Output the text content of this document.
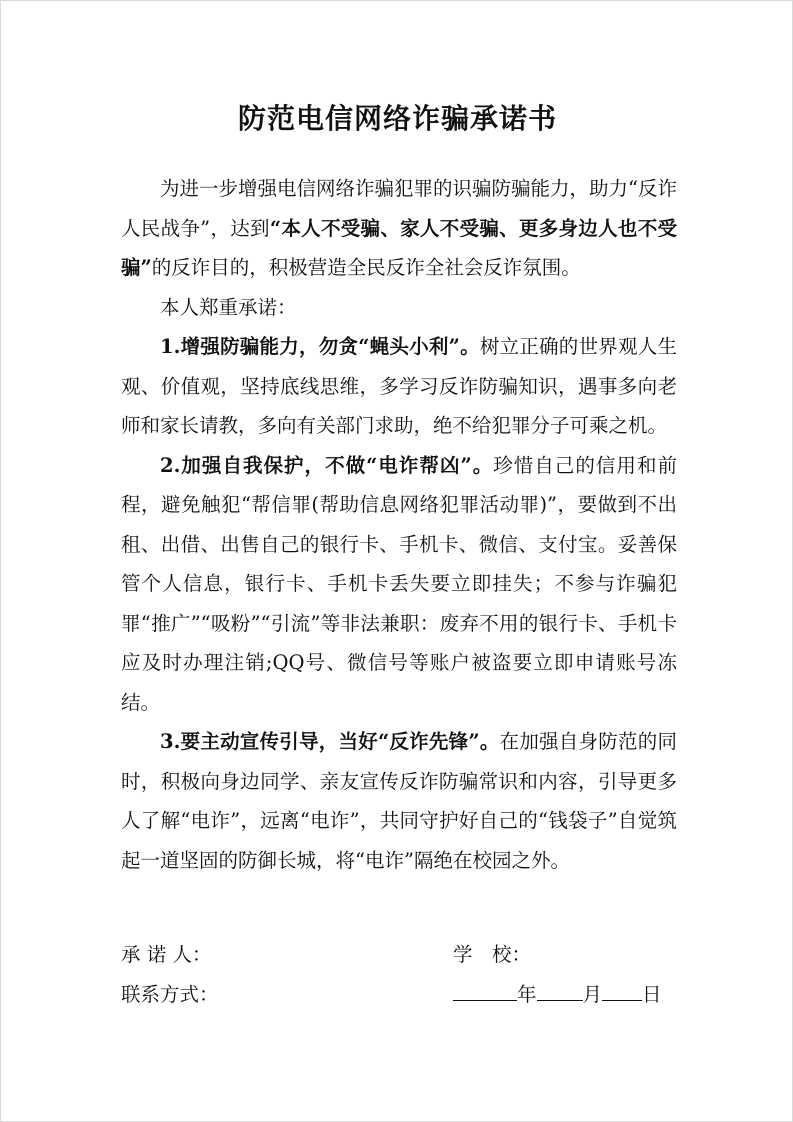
防范电信网络诈骗承诺书

为进一步增强电信网络诈骗犯罪的识骗防骗能力，助力“反诈人民战争”，达到“本人不受骗、家人不受骗、更多身边人也不受骗”的反诈目的，积极营造全民反诈全社会反诈氛围。

本人郑重承诺：

1.增强防骗能力，勿贪“蝇头小利”。树立正确的世界观人生观、价值观，坚持底线思维，多学习反诈防骗知识，遇事多向老师和家长请教，多向有关部门求助，绝不给犯罪分子可乘之机。

2.加强自我保护，不做“电诈帮凶”。珍惜自己的信用和前程，避免触犯“帮信罪(帮助信息网络犯罪活动罪)”，要做到不出租、出借、出售自己的银行卡、手机卡、微信、支付宝。妥善保管个人信息，银行卡、手机卡丢失要立即挂失；不参与诈骗犯罪“推广”“吸粉”“引流”等非法兼职：废弃不用的银行卡、手机卡应及时办理注销;QQ号、微信号等账户被盗要立即申请账号冻结。

3.要主动宣传引导，当好“反诈先锋”。在加强自身防范的同时，积极向身边同学、亲友宣传反诈防骗常识和内容，引导更多人了解“电诈”，远离“电诈”，共同守护好自己的“钱袋子”自觉筑起一道坚固的防御长城，将“电诈”隔绝在校园之外。

承 诺 人：	学　校：
联系方式：	年 月 日
